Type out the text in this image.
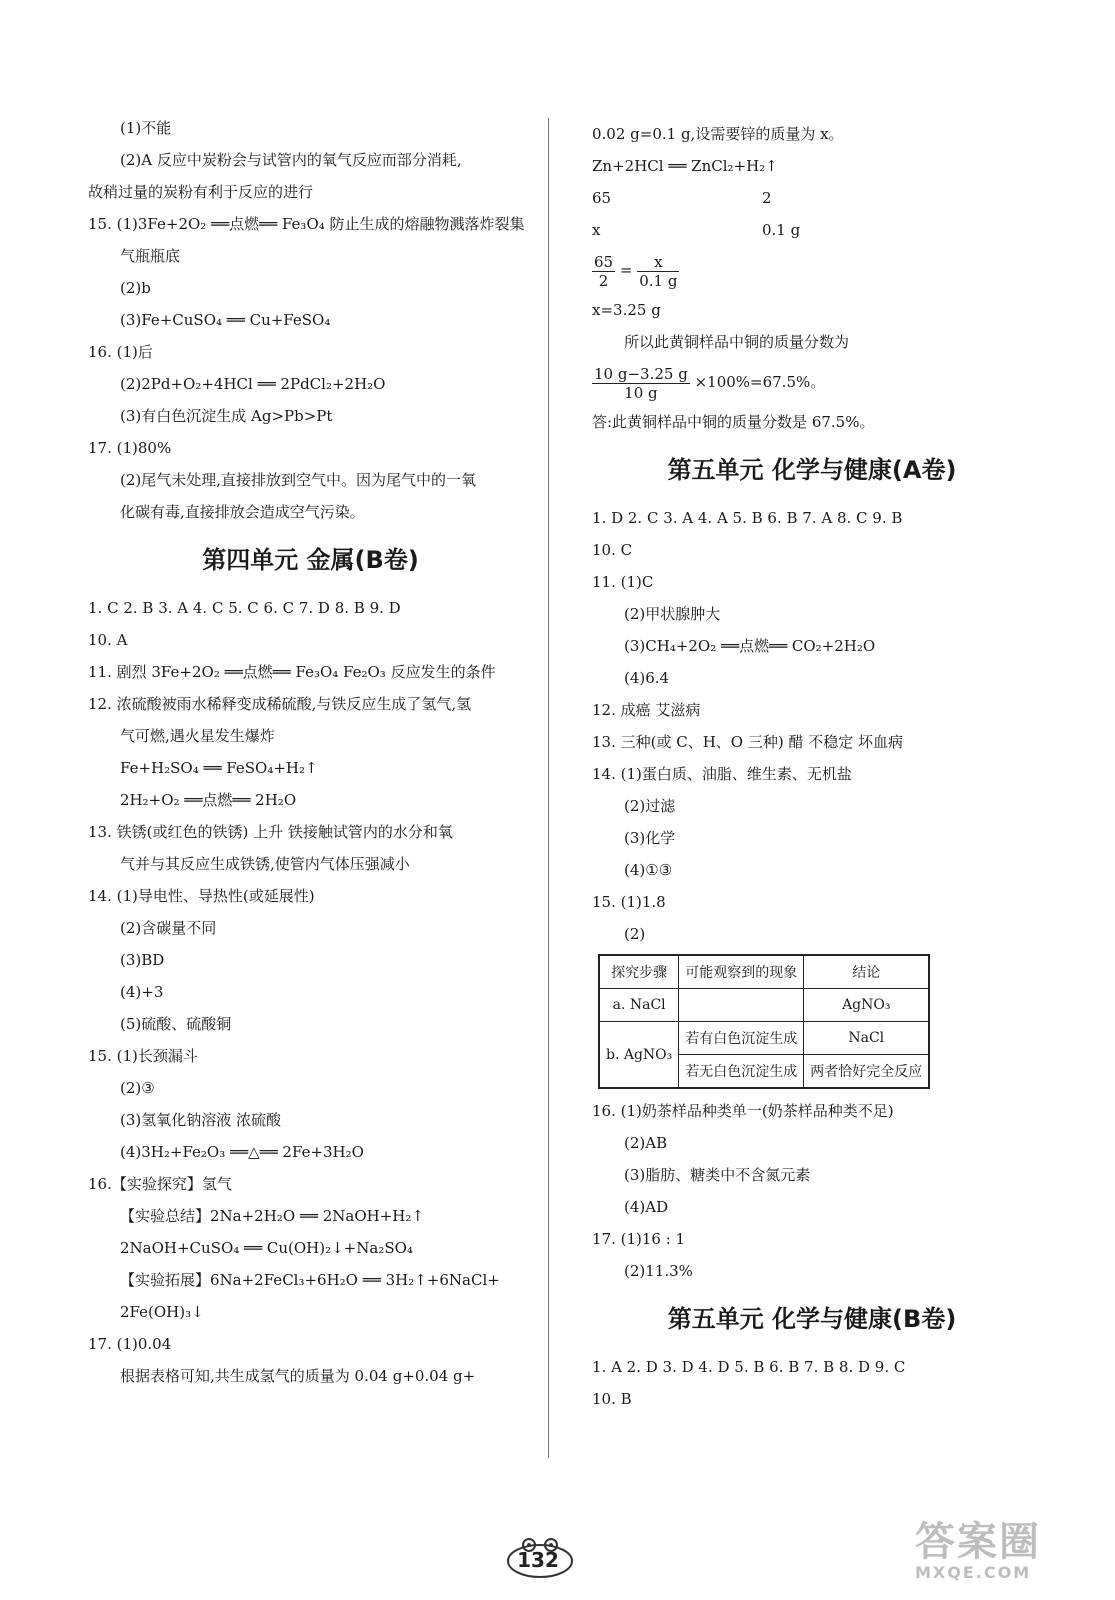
(1)不能
(2)A 反应中炭粉会与试管内的氧气反应而部分消耗,
故稍过量的炭粉有利于反应的进行
15. (1)3Fe+2O₂ ══点燃══ Fe₃O₄ 防止生成的熔融物溅落炸裂集
气瓶瓶底
(2)b
(3)Fe+CuSO₄ ══ Cu+FeSO₄
16. (1)后
(2)2Pd+O₂+4HCl ══ 2PdCl₂+2H₂O
(3)有白色沉淀生成 Ag>Pb>Pt
17. (1)80%
(2)尾气未处理,直接排放到空气中。因为尾气中的一氧
化碳有毒,直接排放会造成空气污染。
第四单元 金属(B卷)
1. C 2. B 3. A 4. C 5. C 6. C 7. D 8. B 9. D
10. A
11. 剧烈 3Fe+2O₂ ══点燃══ Fe₃O₄ Fe₂O₃ 反应发生的条件
12. 浓硫酸被雨水稀释变成稀硫酸,与铁反应生成了氢气,氢
气可燃,遇火星发生爆炸
Fe+H₂SO₄ ══ FeSO₄+H₂↑
2H₂+O₂ ══点燃══ 2H₂O
13. 铁锈(或红色的铁锈) 上升 铁接触试管内的水分和氧
气并与其反应生成铁锈,使管内气体压强减小
14. (1)导电性、导热性(或延展性)
(2)含碳量不同
(3)BD
(4)+3
(5)硫酸、硫酸铜
15. (1)长颈漏斗
(2)③
(3)氢氧化钠溶液 浓硫酸
(4)3H₂+Fe₂O₃ ══△══ 2Fe+3H₂O
16.【实验探究】氢气
【实验总结】2Na+2H₂O ══ 2NaOH+H₂↑
2NaOH+CuSO₄ ══ Cu(OH)₂↓+Na₂SO₄
【实验拓展】6Na+2FeCl₃+6H₂O ══ 3H₂↑+6NaCl+
2Fe(OH)₃↓
17. (1)0.04
根据表格可知,共生成氢气的质量为 0.04 g+0.04 g+
0.02 g=0.1 g,设需要锌的质量为 x。
Zn+2HCl ══ ZnCl₂+H₂↑
65	2
x	0.1 g
$\frac{65}{2} = \frac{x}{0.1 g}$
x=3.25 g
所以此黄铜样品中铜的质量分数为
$\frac{10 g-3.25 g}{10 g} \times 100\%=67.5\%$。
答:此黄铜样品中铜的质量分数是 67.5%。
第五单元 化学与健康(A卷)
1. D 2. C 3. A 4. A 5. B 6. B 7. A 8. C 9. B
10. C
11. (1)C
(2)甲状腺肿大
(3)CH₄+2O₂ ══点燃══ CO₂+2H₂O
(4)6.4
12. 成癌 艾滋病
13. 三种(或 C、H、O 三种) 醋 不稳定 坏血病
14. (1)蛋白质、油脂、维生素、无机盐
(2)过滤
(3)化学
(4)①③
15. (1)1.8
(2)
探究步骤	可能观察到的现象	结论
a. NaCl		AgNO₃
b. AgNO₃	若有白色沉淀生成	NaCl
	若无白色沉淀生成	两者恰好完全反应
16. (1)奶茶样品种类单一(奶茶样品种类不足)
(2)AB
(3)脂肪、糖类中不含氮元素
(4)AD
17. (1)16 : 1
(2)11.3%
第五单元 化学与健康(B卷)
1. A 2. D 3. D 4. D 5. B 6. B 7. B 8. D 9. C
10. B
132	答案圈
MXQE.COM
